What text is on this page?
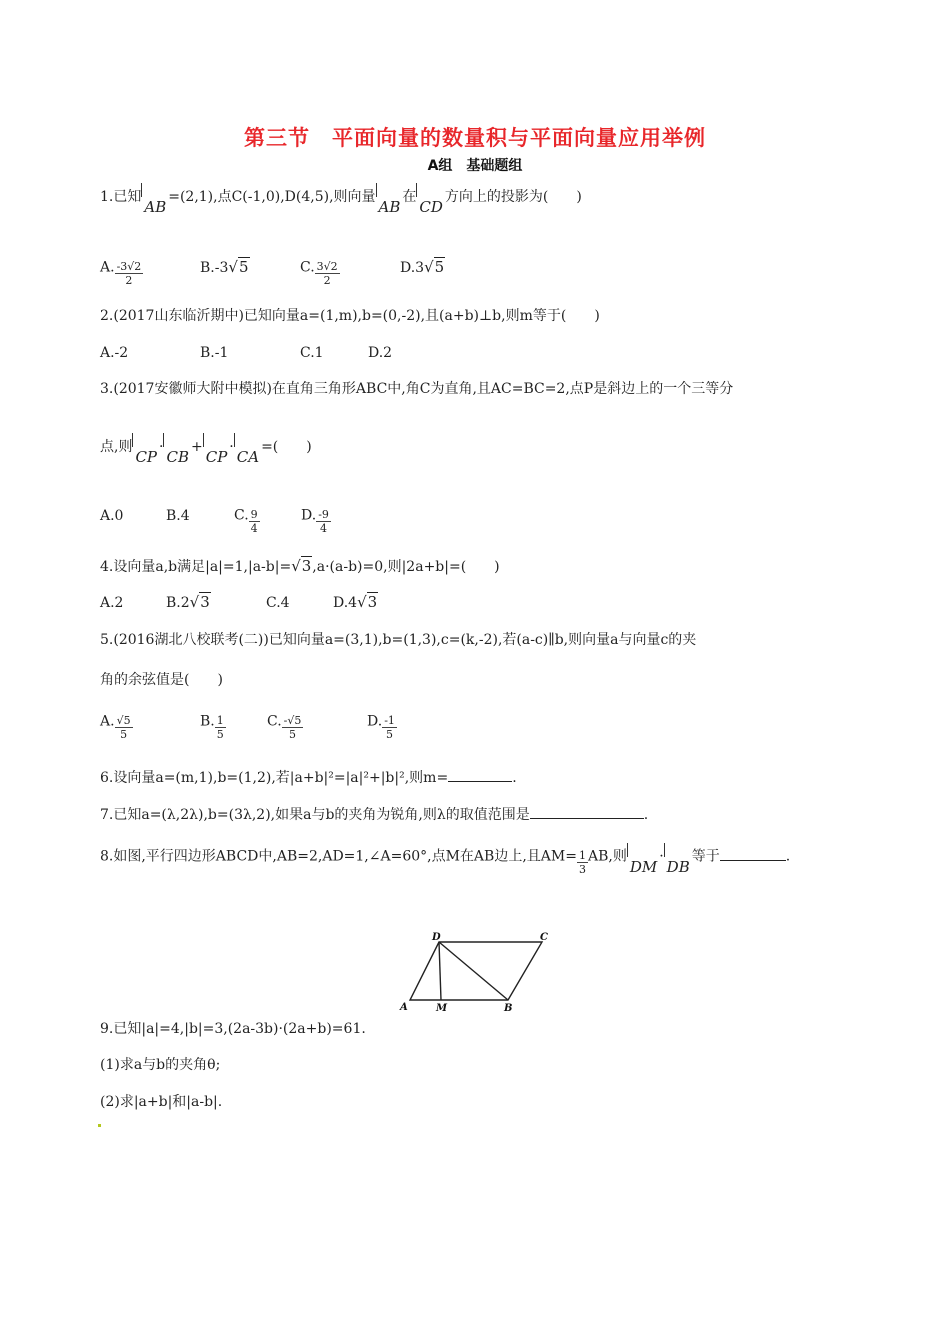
第三节 平面向量的数量积与平面向量应用举例
A组 基础题组
1.已知AB=(2,1),点C(-1,0),D(4,5),则向量AB在CD方向上的投影为(　　)
A. $\frac{-3√2}{2}$	B.-3√5	C. $\frac{3√2}{2}$	D.3√5
2.(2017山东临沂期中)已知向量a=(1,m),b=(0,-2),且(a+b)⊥b,则m等于(　　)
A.-2	B.-1	C.1	D.2
3.(2017安徽师大附中模拟)在直角三角形ABC中,角C为直角,且AC=BC=2,点P是斜边上的一个三等分
点,则CP·CB+CP·CA=(　　)
A.0	B.4	C. $\frac{9}{4}$	D. $\frac{-9}{4}$
4.设向量a,b满足|a|=1,|a-b|=√3,a·(a-b)=0,则|2a+b|=(　　)
A.2	B.2√3	C.4	D.4√3
5.(2016湖北八校联考(二))已知向量a=(3,1),b=(1,3),c=(k,-2),若(a-c)∥b,则向量a与向量c的夹
角的余弦值是(　　)
A. $\frac{√5}{5}$	B. $\frac{1}{5}$	C. $\frac{-√5}{5}$	D. $\frac{-1}{5}$
6.设向量a=(m,1),b=(1,2),若|a+b|²=|a|²+|b|²,则m=	.
7.已知a=(λ,2λ),b=(3λ,2),如果a与b的夹角为锐角,则λ的取值范围是	.
8.如图,平行四边形ABCD中,AB=2,AD=1,∠A=60°,点M在AB边上,且$AM= \frac{1}{3}$ AB,则DM·DB等于	.
A	B
C
D
M
9.已知|a|=4,|b|=3,(2a-3b)·(2a+b)=61.
(1)求a与b的夹角θ;
(2)求|a+b|和|a-b|.
